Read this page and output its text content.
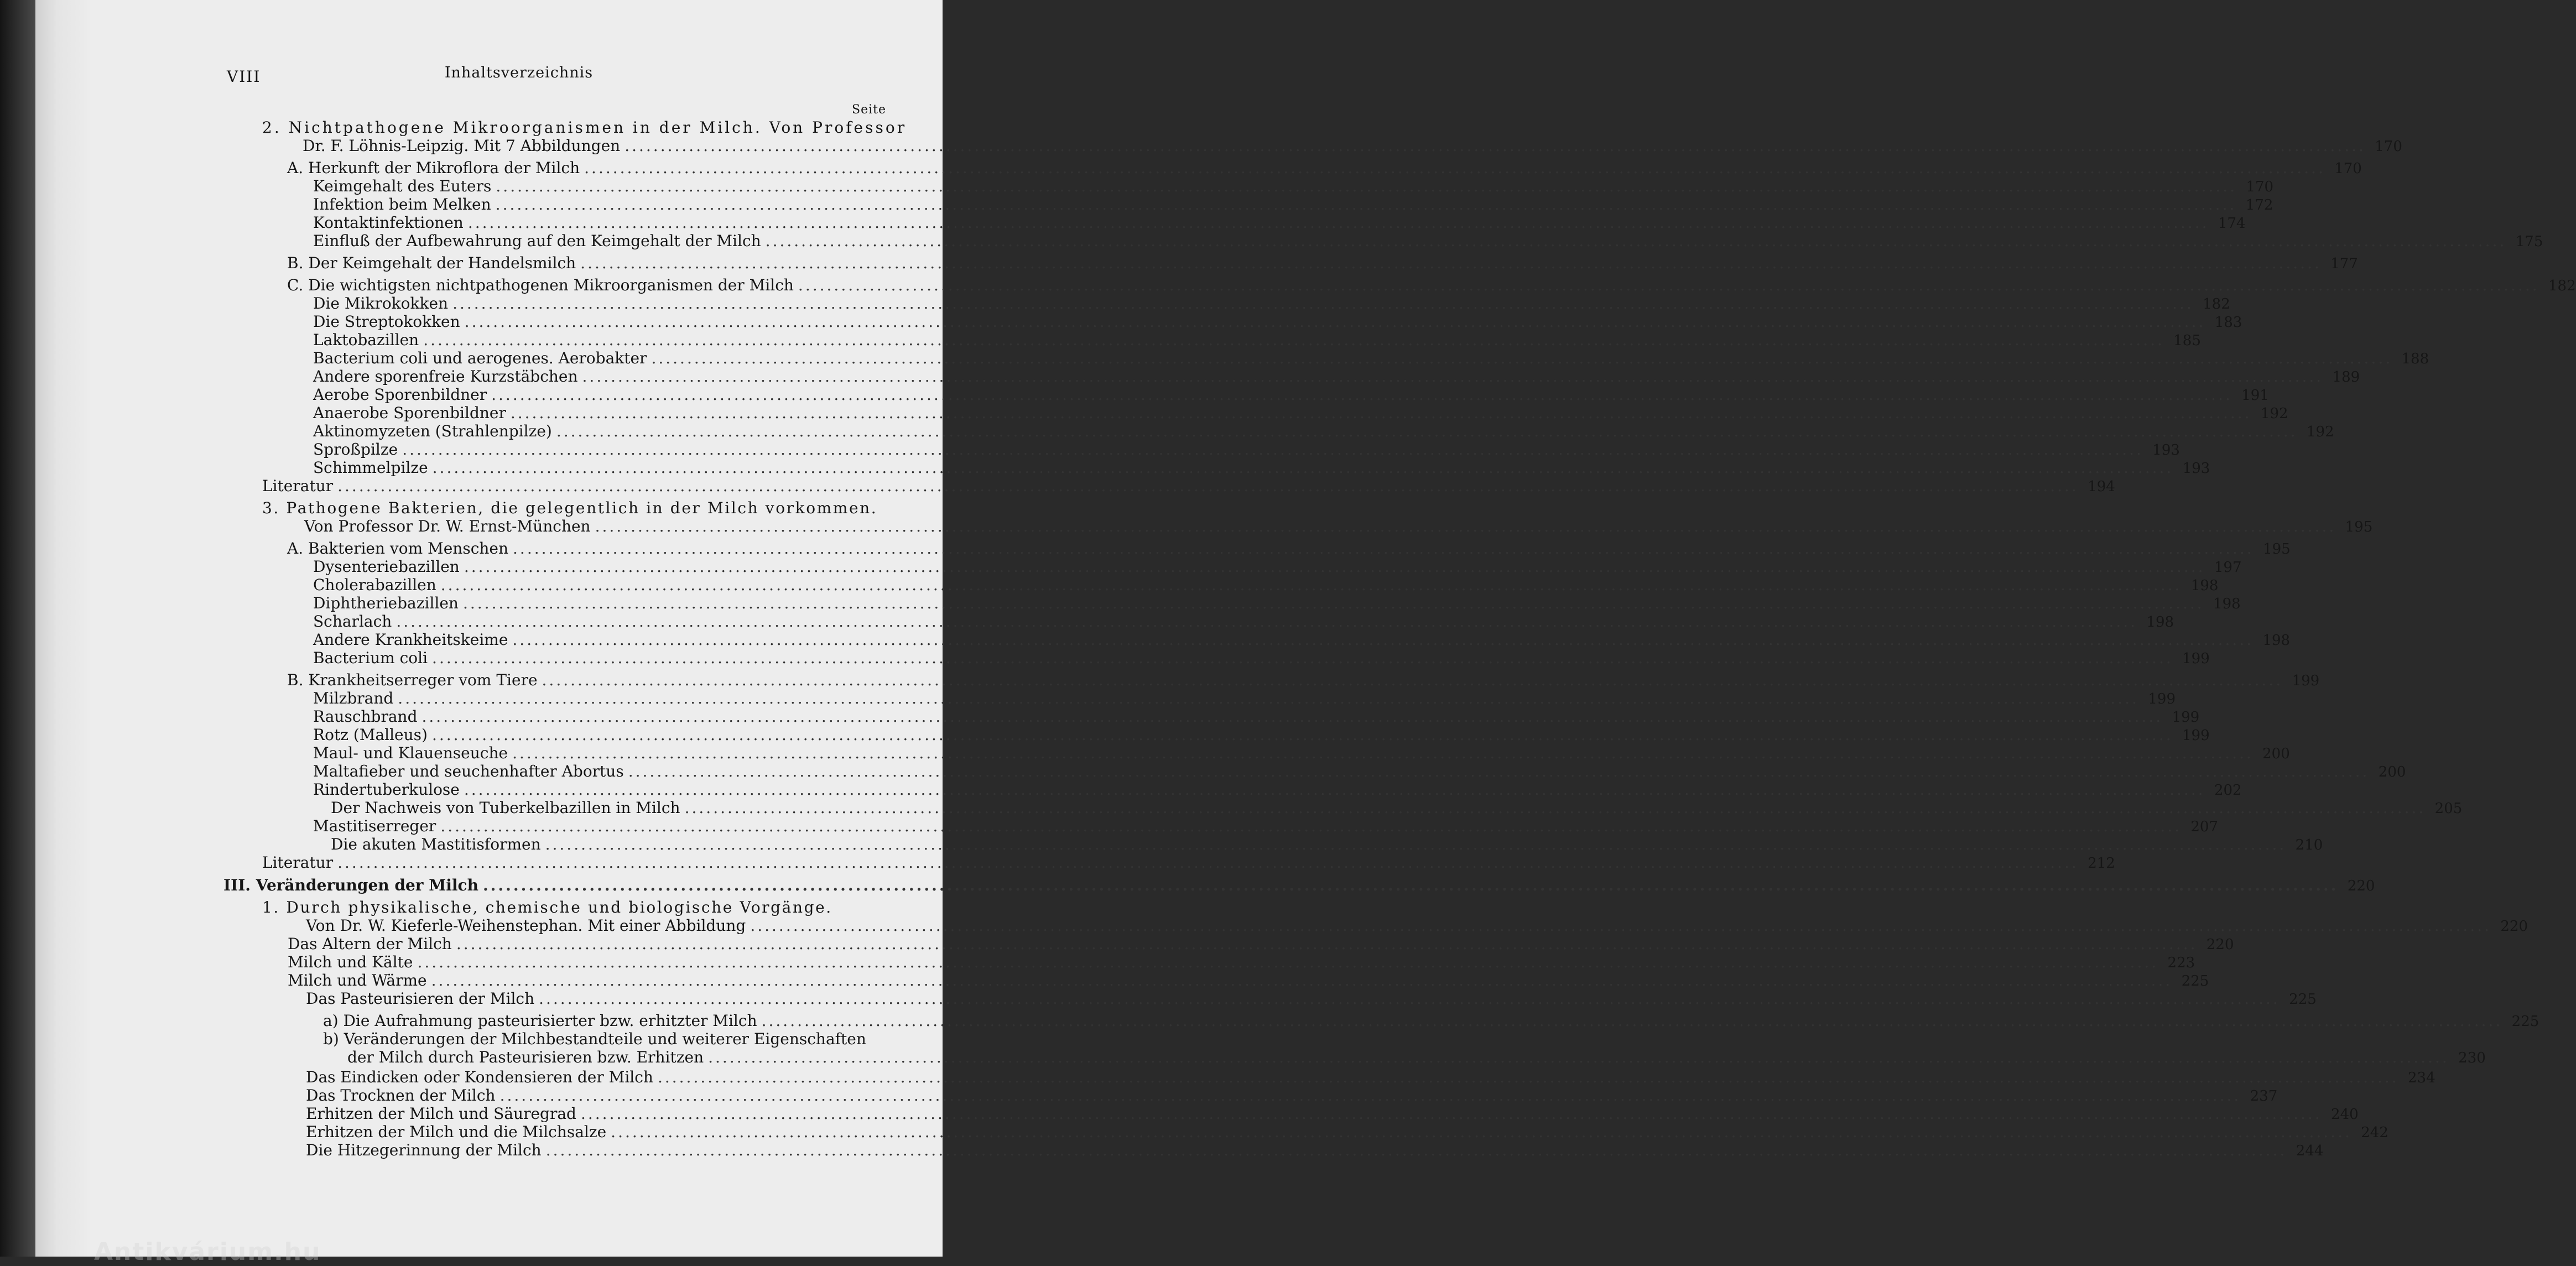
VIII	Inhaltsverzeichnis
Seite
2. Nichtpathogene Mikroorganismen in der Milch. Von Professor
Dr. F. Löhnis-Leipzig. Mit 7 Abbildungen .....	170
A. Herkunft der Mikroflora der Milch .....	170
Keimgehalt des Euters .....	170
Infektion beim Melken .....	172
Kontaktinfektionen .....	174
Einfluß der Aufbewahrung auf den Keimgehalt der Milch .....	175
B. Der Keimgehalt der Handelsmilch .....	177
C. Die wichtigsten nichtpathogenen Mikroorganismen der Milch .....	182
Die Mikrokokken .....	182
Die Streptokokken .....	183
Laktobazillen .....	185
Bacterium coli und aerogenes. Aerobakter .....	188
Andere sporenfreie Kurzstäbchen .....	189
Aerobe Sporenbildner .....	191
Anaerobe Sporenbildner .....	192
Aktinomyzeten (Strahlenpilze) .....	192
Sproßpilze .....	193
Schimmelpilze .....	193
Literatur .....	194
3. Pathogene Bakterien, die gelegentlich in der Milch vorkommen.
Von Professor Dr. W. Ernst-München .....	195
A. Bakterien vom Menschen .....	195
Dysenteriebazillen .....	197
Cholerabazillen .....	198
Diphtheriebazillen .....	198
Scharlach .....	198
Andere Krankheitskeime .....	198
Bacterium coli .....	199
B. Krankheitserreger vom Tiere .....	199
Milzbrand .....	199
Rauschbrand .....	199
Rotz (Malleus) .....	199
Maul- und Klauenseuche .....	200
Maltafieber und seuchenhafter Abortus .....	200
Rindertuberkulose .....	202
Der Nachweis von Tuberkelbazillen in Milch .....	205
Mastitiserreger .....	207
Die akuten Mastitisformen .....	210
Literatur .....	212
III. Veränderungen der Milch .....	220
1. Durch physikalische, chemische und biologische Vorgänge.
Von Dr. W. Kieferle-Weihenstephan. Mit einer Abbildung .....	220
Das Altern der Milch .....	220
Milch und Kälte .....	223
Milch und Wärme .....	225
Das Pasteurisieren der Milch .....	225
a) Die Aufrahmung pasteurisierter bzw. erhitzter Milch .....	225
b) Veränderungen der Milchbestandteile und weiterer Eigenschaften
der Milch durch Pasteurisieren bzw. Erhitzen .....	230
Das Eindicken oder Kondensieren der Milch .....	234
Das Trocknen der Milch .....	237
Erhitzen der Milch und Säuregrad .....	240
Erhitzen der Milch und die Milchsalze .....	242
Die Hitzegerinnung der Milch .....	244
Antikvárium.hu
